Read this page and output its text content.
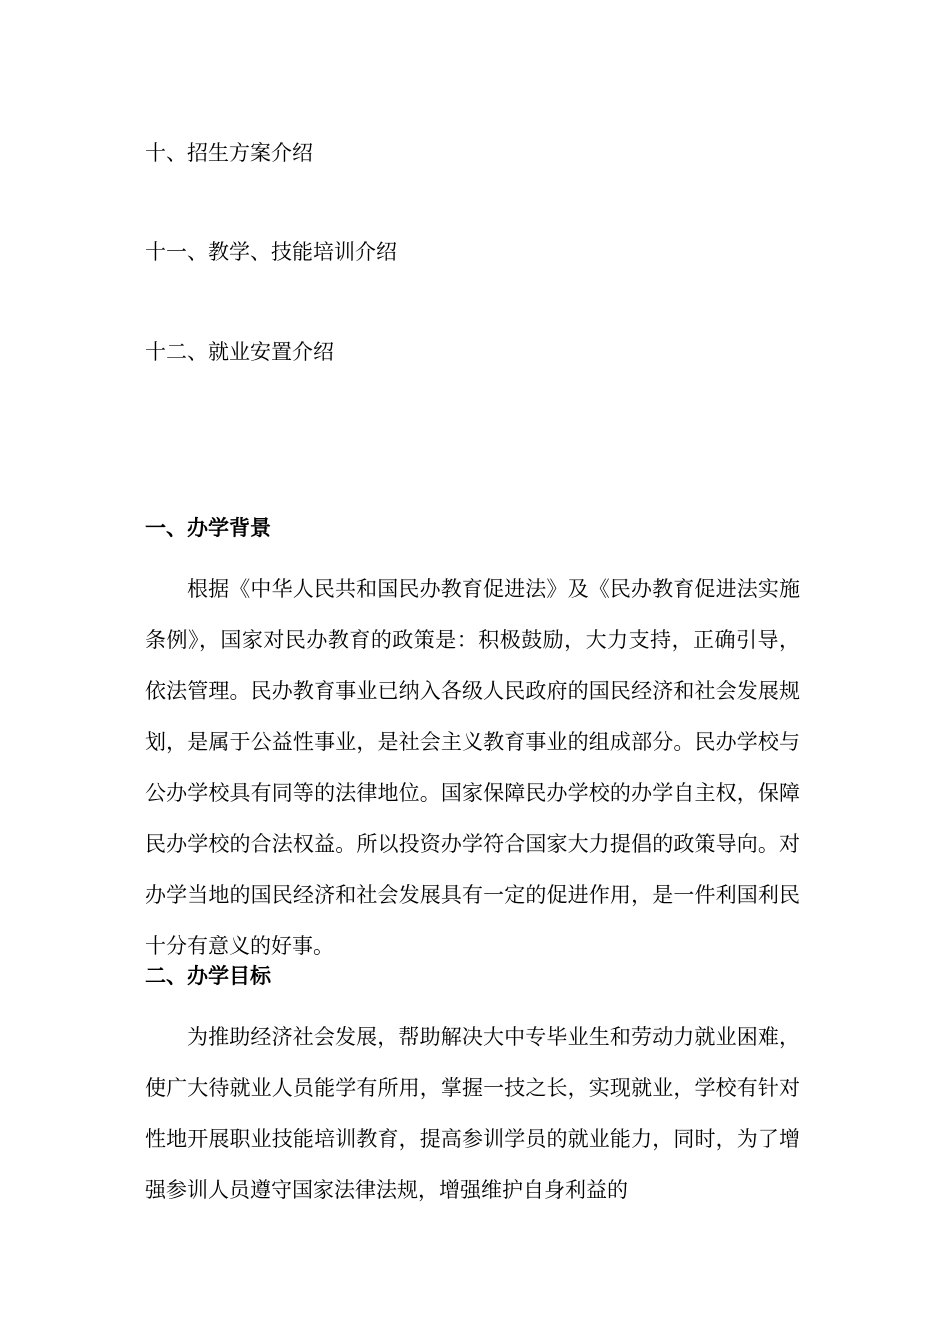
十、招生方案介绍
十一、教学、技能培训介绍
十二、就业安置介绍
一、办学背景

根据《中华人民共和国民办教育促进法》及《民办教育促进法实施条例》，国家对民办教育的政策是：积极鼓励，大力支持，正确引导，依法管理。民办教育事业已纳入各级人民政府的国民经济和社会发展规划，是属于公益性事业，是社会主义教育事业的组成部分。民办学校与公办学校具有同等的法律地位。国家保障民办学校的办学自主权，保障民办学校的合法权益。所以投资办学符合国家大力提倡的政策导向。对办学当地的国民经济和社会发展具有一定的促进作用，是一件利国利民十分有意义的好事。

二、办学目标

为推助经济社会发展，帮助解决大中专毕业生和劳动力就业困难，使广大待就业人员能学有所用，掌握一技之长，实现就业，学校有针对性地开展职业技能培训教育，提高参训学员的就业能力，同时，为了增强参训人员遵守国家法律法规，增强维护自身利益的
